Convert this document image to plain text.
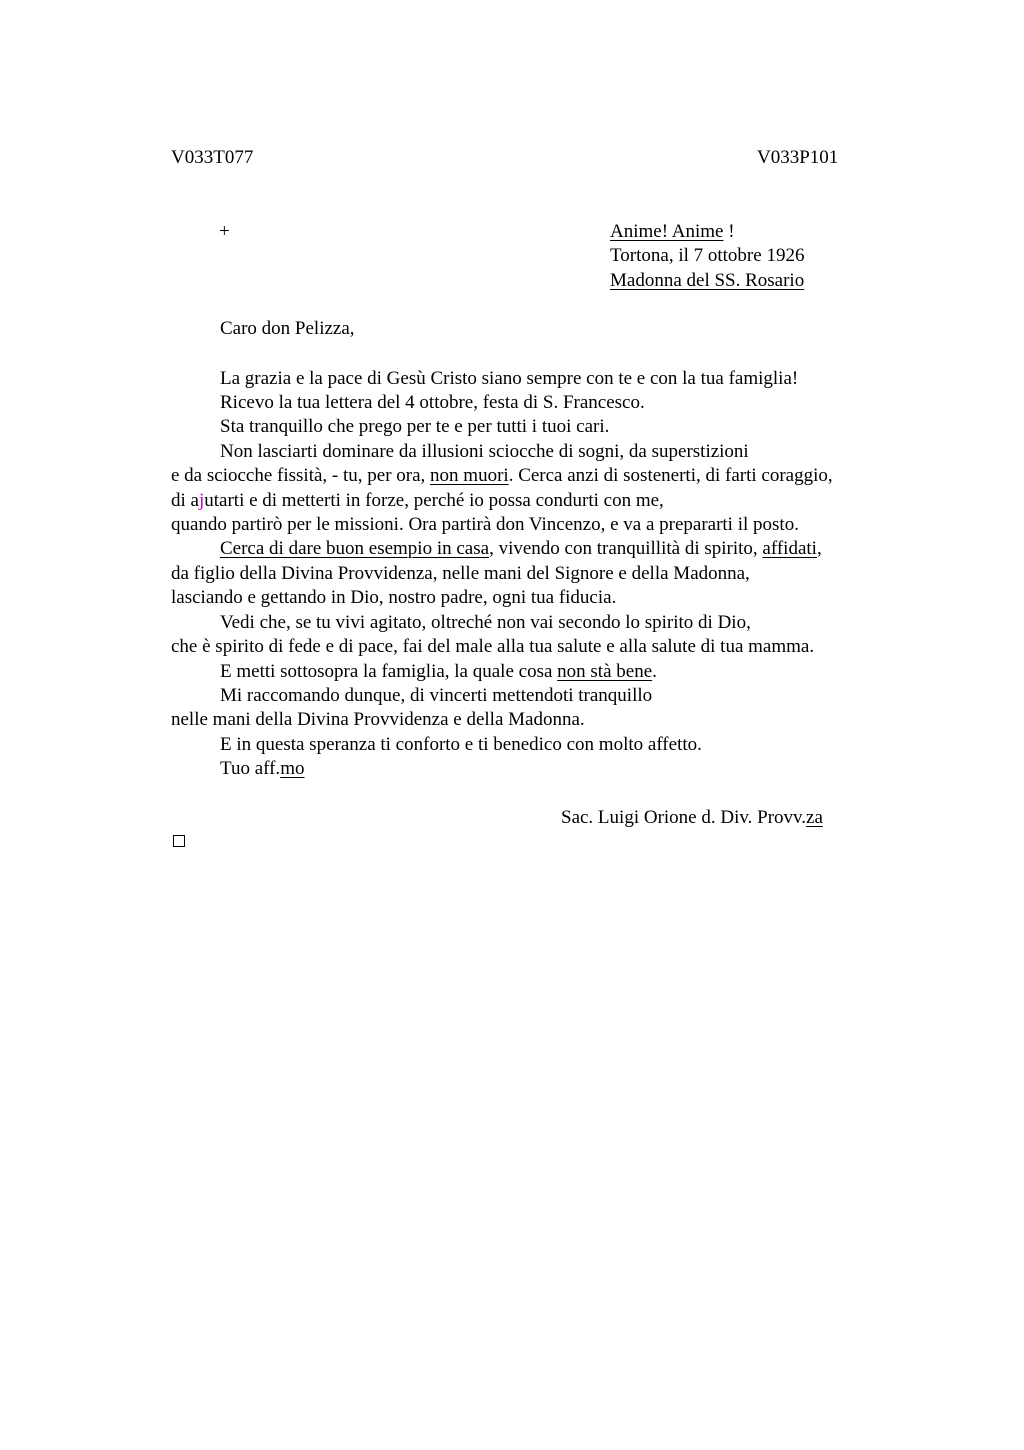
V033T077	V033P101
+	Anime! Anime !
Tortona, il 7 ottobre 1926
Madonna del SS. Rosario
Caro don Pelizza,
La grazia e la pace di Gesù Cristo siano sempre con te e con la tua famiglia!
Ricevo la tua lettera del 4 ottobre, festa di S. Francesco.
Sta tranquillo che prego per te e per tutti i tuoi cari.
Non lasciarti dominare da illusioni sciocche di sogni, da superstizioni
e da sciocche fissità, - tu, per ora, non muori. Cerca anzi di sostenerti, di farti coraggio,
di ajutarti e di metterti in forze, perché io possa condurti con me,
quando partirò per le missioni. Ora partirà don Vincenzo, e va a prepararti il posto.
Cerca di dare buon esempio in casa, vivendo con tranquillità di spirito, affidati,
da figlio della Divina Provvidenza, nelle mani del Signore e della Madonna,
lasciando e gettando in Dio, nostro padre, ogni tua fiducia.
Vedi che, se tu vivi agitato, oltreché non vai secondo lo spirito di Dio,
che è spirito di fede e di pace, fai del male alla tua salute e alla salute di tua mamma.
E metti sottosopra la famiglia, la quale cosa non stà bene.
Mi raccomando dunque, di vincerti mettendoti tranquillo
nelle mani della Divina Provvidenza e della Madonna.
E in questa speranza ti conforto e ti benedico con molto affetto.
Tuo aff.mo
Sac. Luigi Orione d. Div. Provv.za
